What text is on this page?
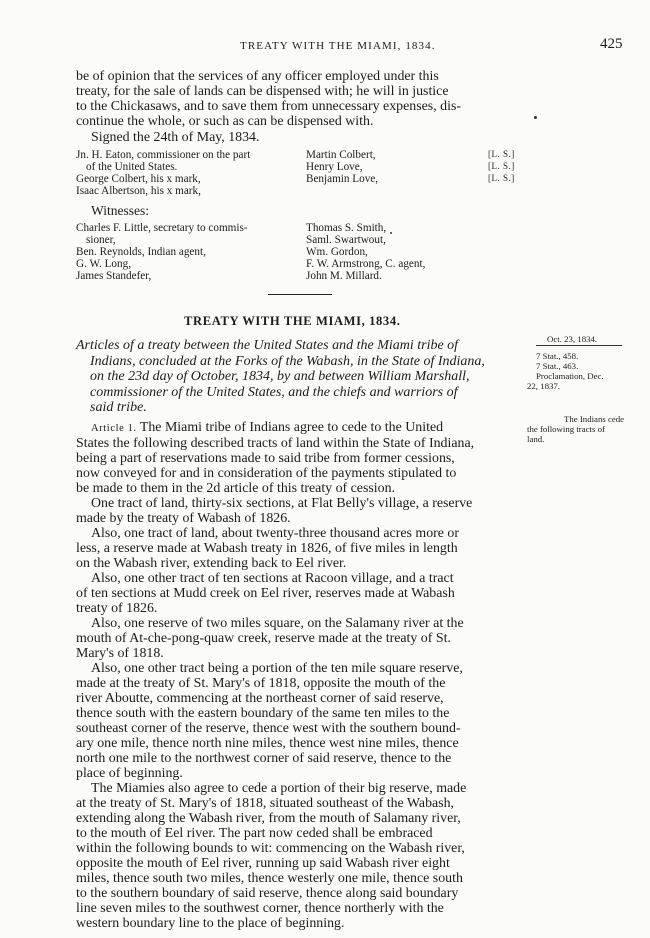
TREATY WITH THE MIAMI, 1834.	425
be of opinion that the services of any officer employed under this
treaty, for the sale of lands can be dispensed with; he will in justice
to the Chickasaws, and to save them from unnecessary expenses, dis-
continue the whole, or such as can be dispensed with.
Signed the 24th of May, 1834.
Jn. H. Eaton, commissioner on the part
of the United States.
George Colbert, his x mark,
Isaac Albertson, his x mark,
Martin Colbert,
Henry Love,
Benjamin Love,
[L. S.]
[L. S.]
[L. S.]
Witnesses:
Charles F. Little, secretary to commis-
sioner,
Ben. Reynolds, Indian agent,
G. W. Long,
James Standefer,
Thomas S. Smith,
Saml. Swartwout,
Wm. Gordon,
F. W. Armstrong, C. agent,
John M. Millard.
TREATY WITH THE MIAMI, 1834.
Articles of a treaty between the United States and the Miami tribe of
Indians, concluded at the Forks of the Wabash, in the State of Indiana,
on the 23d day of October, 1834, by and between William Marshall,
commissioner of the United States, and the chiefs and warriors of
said tribe.
Oct. 23, 1834.
7 Stat., 458.
7 Stat., 463.
Proclamation, Dec.
22, 1837.
The Indians cede
the following tracts of
land.
Article 1. The Miami tribe of Indians agree to cede to the United
States the following described tracts of land within the State of Indiana,
being a part of reservations made to said tribe from former cessions,
now conveyed for and in consideration of the payments stipulated to
be made to them in the 2d article of this treaty of cession.
One tract of land, thirty-six sections, at Flat Belly's village, a reserve
made by the treaty of Wabash of 1826.
Also, one tract of land, about twenty-three thousand acres more or
less, a reserve made at Wabash treaty in 1826, of five miles in length
on the Wabash river, extending back to Eel river.
Also, one other tract of ten sections at Racoon village, and a tract
of ten sections at Mudd creek on Eel river, reserves made at Wabash
treaty of 1826.
Also, one reserve of two miles square, on the Salamany river at the
mouth of At-che-pong-quaw creek, reserve made at the treaty of St.
Mary's of 1818.
Also, one other tract being a portion of the ten mile square reserve,
made at the treaty of St. Mary's of 1818, opposite the mouth of the
river Aboutte, commencing at the northeast corner of said reserve,
thence south with the eastern boundary of the same ten miles to the
southeast corner of the reserve, thence west with the southern bound-
ary one mile, thence north nine miles, thence west nine miles, thence
north one mile to the northwest corner of said reserve, thence to the
place of beginning.
The Miamies also agree to cede a portion of their big reserve, made
at the treaty of St. Mary's of 1818, situated southeast of the Wabash,
extending along the Wabash river, from the mouth of Salamany river,
to the mouth of Eel river. The part now ceded shall be embraced
within the following bounds to wit: commencing on the Wabash river,
opposite the mouth of Eel river, running up said Wabash river eight
miles, thence south two miles, thence westerly one mile, thence south
to the southern boundary of said reserve, thence along said boundary
line seven miles to the southwest corner, thence northerly with the
western boundary line to the place of beginning.
